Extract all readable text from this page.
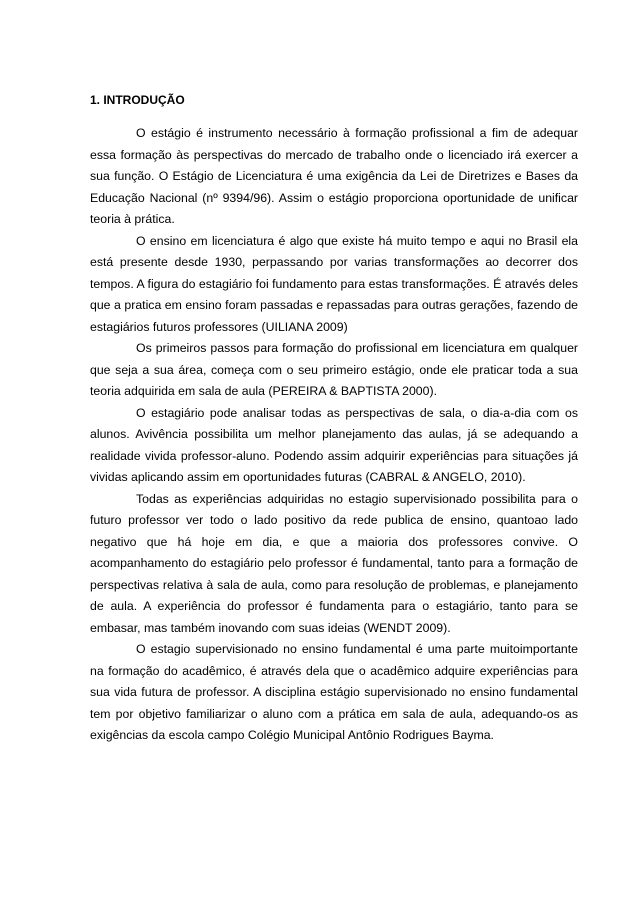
1. INTRODUÇÃO

O estágio é instrumento necessário à formação profissional a fim de adequar essa formação às perspectivas do mercado de trabalho onde o licenciado irá exercer a sua função. O Estágio de Licenciatura é uma exigência da Lei de Diretrizes e Bases da Educação Nacional (nº 9394/96). Assim o estágio proporciona oportunidade de unificar teoria à prática.

O ensino em licenciatura é algo que existe há muito tempo e aqui no Brasil ela está presente desde 1930, perpassando por varias transformações ao decorrer dos tempos. A figura do estagiário foi fundamento para estas transformações. É através deles que a pratica em ensino foram passadas e repassadas para outras gerações, fazendo de estagiários futuros professores (UILIANA 2009)

Os primeiros passos para formação do profissional em licenciatura em qualquer que seja a sua área, começa com o seu primeiro estágio, onde ele praticar toda a sua teoria adquirida em sala de aula (PEREIRA & BAPTISTA 2000).

O estagiário pode analisar todas as perspectivas de sala, o dia-a-dia com os alunos. Avivência possibilita um melhor planejamento das aulas, já se adequando a realidade vivida professor-aluno. Podendo assim adquirir experiências para situações já vividas aplicando assim em oportunidades futuras (CABRAL & ANGELO, 2010).

Todas as experiências adquiridas no estagio supervisionado possibilita para o futuro professor ver todo o lado positivo da rede publica de ensino, quantoao lado negativo que há hoje em dia, e que a maioria dos professores convive. O acompanhamento do estagiário pelo professor é fundamental, tanto para a formação de perspectivas relativa à sala de aula, como para resolução de problemas, e planejamento de aula. A experiência do professor é fundamenta para o estagiário, tanto para se embasar, mas também inovando com suas ideias (WENDT 2009).

O estagio supervisionado no ensino fundamental é uma parte muitoimportante na formação do acadêmico, é através dela que o acadêmico adquire experiências para sua vida futura de professor. A disciplina estágio supervisionado no ensino fundamental tem por objetivo familiarizar o aluno com a prática em sala de aula, adequando-os as exigências da escola campo Colégio Municipal Antônio Rodrigues Bayma.
